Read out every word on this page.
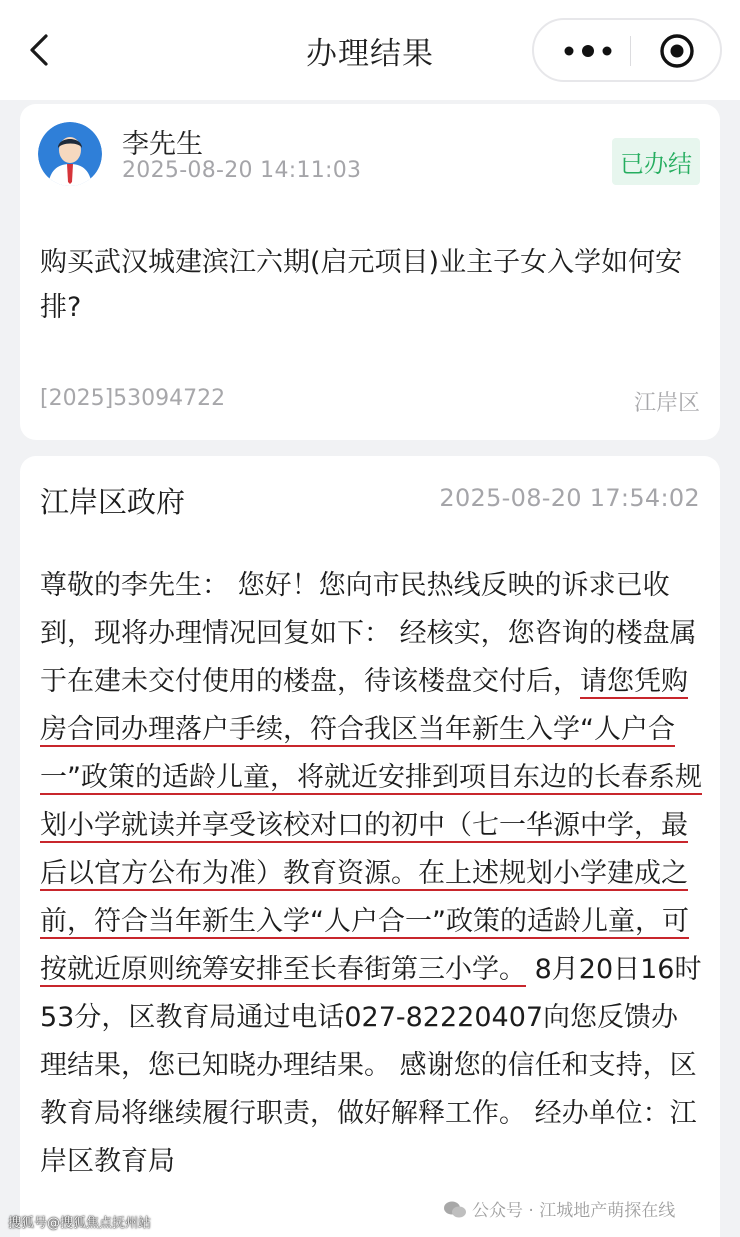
办理结果
李先生
2025-08-20 14:11:03	已办结
购买武汉城建滨江六期(启元项目)业主子女入学如何安排?
[2025]53094722	江岸区
江岸区政府	2025-08-20 17:54:02

尊敬的李先生： 您好！您向市民热线反映的诉求已收到，现将办理情况回复如下： 经核实，您咨询的楼盘属于在建未交付使用的楼盘，待该楼盘交付后，请您凭购房合同办理落户手续，符合我区当年新生入学“人户合一”政策的适龄儿童，将就近安排到项目东边的长春系规划小学就读并享受该校对口的初中（七一华源中学，最后以官方公布为准）教育资源。在上述规划小学建成之前，符合当年新生入学“人户合一”政策的适龄儿童，可按就近原则统筹安排至长春街第三小学。 8月20日16时53分，区教育局通过电话027-82220407向您反馈办理结果，您已知晓办理结果。 感谢您的信任和支持，区教育局将继续履行职责，做好解释工作。 经办单位：江岸区教育局

搜狐号@搜狐焦点抚州站
公众号 · 江城地产萌探在线
